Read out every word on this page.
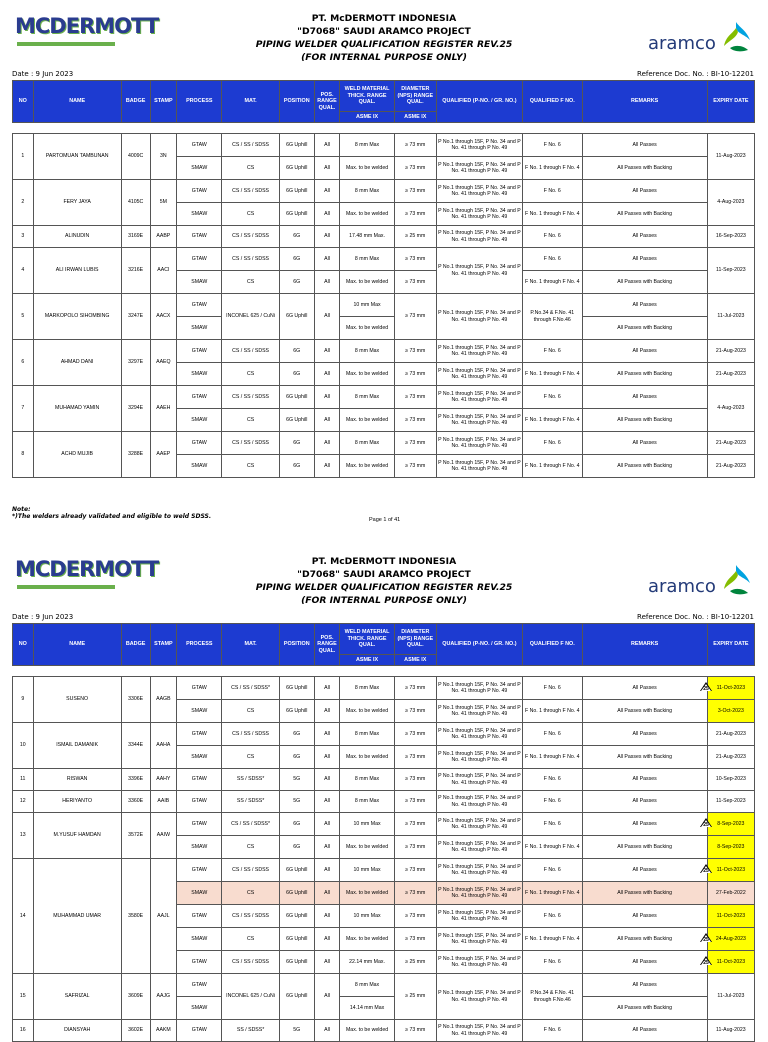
MCDERMOTT	PT. McDERMOTT INDONESIA
"D7068" SAUDI ARAMCO PROJECT
PIPING WELDER QUALIFICATION REGISTER REV.25
(FOR INTERNAL PURPOSE ONLY)
aramco
Date : 9 Jun 2023	Reference Doc. No. : BI-10-12201
NO	NAME	BADGE	STAMP	PROCESS	MAT.	POSITION	POS. RANGE QUAL.	WELD MATERIAL THICK. RANGE QUAL.	DIAMETER (NPS) RANGE QUAL.	QUALIFIED (P-NO. / GR. NO.)	QUALIFIED F NO.	REMARKS	EXPIRY DATE
								ASME IX	ASME IX				

1	PARTOMUAN TAMBUNAN	4009C	3N	GTAW	CS / SS / SDSS	6G Uphill	All	8 mm Max	≥ 73 mm	P No.1 through 15F, P No. 34 and P No. 41 through P No. 49	F No. 6	All Passes	11-Aug-2023
				SMAW	CS	6G Uphill	All	Max. to be welded	≥ 73 mm	P No.1 through 15F, P No. 34 and P No. 41 through P No. 49	F No. 1 through F No. 4	All Passes with Backing	
2	FERY JAYA	4105C	5M	GTAW	CS / SS / SDSS	6G Uphill	All	8 mm Max	≥ 73 mm	P No.1 through 15F, P No. 34 and P No. 41 through P No. 49	F No. 6	All Passes	4-Aug-2023
				SMAW	CS	6G Uphill	All	Max. to be welded	≥ 73 mm	P No.1 through 15F, P No. 34 and P No. 41 through P No. 49	F No. 1 through F No. 4	All Passes with Backing	
3	ALINUDIN	3169E	AABP	GTAW	CS / SS / SDSS	6G	All	17.48 mm Max.	≥ 25 mm	P No.1 through 15F, P No. 34 and P No. 41 through P No. 49	F No. 6	All Passes	16-Sep-2023
4	ALI IRWAN LUBIS	3216E	AACI	GTAW	CS / SS / SDSS	6G	All	8 mm Max	≥ 73 mm	P No.1 through 15F, P No. 34 and P No. 41 through P No. 49	F No. 6	All Passes	11-Sep-2023
				SMAW	CS	6G	All	Max. to be welded	≥ 73 mm		F No. 1 through F No. 4	All Passes with Backing	
5	MARKOPOLO SIHOMBING	3247E	AACX	GTAW	INCONEL 625 / CuNi	6G Uphill	All	10 mm Max	≥ 73 mm	P No.1 through 15F, P No. 34 and P No. 41 through P No. 49	P.No.34 & F.No. 41 through F.No.46	All Passes	11-Jul-2023
				SMAW				Max. to be welded				All Passes with Backing	
6	AHMAD DANI	3297E	AAEQ	GTAW	CS / SS / SDSS	6G	All	8 mm Max	≥ 73 mm	P No.1 through 15F, P No. 34 and P No. 41 through P No. 49	F No. 6	All Passes	21-Aug-2023
				SMAW	CS	6G	All	Max. to be welded	≥ 73 mm	P No.1 through 15F, P No. 34 and P No. 41 through P No. 49	F No. 1 through F No. 4	All Passes with Backing	21-Aug-2023
7	MUHAMAD YAMIN	3294E	AAEH	GTAW	CS / SS / SDSS	6G Uphill	All	8 mm Max	≥ 73 mm	P No.1 through 15F, P No. 34 and P No. 41 through P No. 49	F No. 6	All Passes	4-Aug-2023
				SMAW	CS	6G Uphill	All	Max. to be welded	≥ 73 mm	P No.1 through 15F, P No. 34 and P No. 41 through P No. 49	F No. 1 through F No. 4	All Passes with Backing	
8	ACHD MUJIB	3288E	AAEP	GTAW	CS / SS / SDSS	6G	All	8 mm Max	≥ 73 mm	P No.1 through 15F, P No. 34 and P No. 41 through P No. 49	F No. 6	All Passes	21-Aug-2023
				SMAW	CS	6G	All	Max. to be welded	≥ 73 mm	P No.1 through 15F, P No. 34 and P No. 41 through P No. 49	F No. 1 through F No. 4	All Passes with Backing	21-Aug-2023
Note:
*)The welders already validated and eligible to weld SDSS.	Page 1 of 41
MCDERMOTT	PT. McDERMOTT INDONESIA
"D7068" SAUDI ARAMCO PROJECT
PIPING WELDER QUALIFICATION REGISTER REV.25
(FOR INTERNAL PURPOSE ONLY)
aramco
Date : 9 Jun 2023	Reference Doc. No. : BI-10-12201
NO	NAME	BADGE	STAMP	PROCESS	MAT.	POSITION	POS. RANGE QUAL.	WELD MATERIAL THICK. RANGE QUAL.	DIAMETER (NPS) RANGE QUAL.	QUALIFIED (P-NO. / GR. NO.)	QUALIFIED F NO.	REMARKS	EXPIRY DATE
								ASME IX	ASME IX				

9	SUSENO	3306E	AAGB	GTAW	CS / SS / SDSS*	6G Uphill	All	8 mm Max	≥ 73 mm	P No.1 through 15F, P No. 34 and P No. 41 through P No. 49	F No. 6	All Passes	11-Oct-2023
25

				SMAW	CS	6G Uphill	All	Max. to be welded	≥ 73 mm	P No.1 through 15F, P No. 34 and P No. 41 through P No. 49	F No. 1 through F No. 4	All Passes with Backing	3-Oct-2023
10	ISMAIL DAMANIK	3344E	AAHA	GTAW	CS / SS / SDSS	6G	All	8 mm Max	≥ 73 mm	P No.1 through 15F, P No. 34 and P No. 41 through P No. 49	F No. 6	All Passes	21-Aug-2023
				SMAW	CS	6G	All	Max. to be welded	≥ 73 mm	P No.1 through 15F, P No. 34 and P No. 41 through P No. 49	F No. 1 through F No. 4	All Passes with Backing	21-Aug-2023
11	RISWAN	3396E	AAHY	GTAW	SS / SDSS*	5G	All	8 mm Max	≥ 73 mm	P No.1 through 15F, P No. 34 and P No. 41 through P No. 49	F No. 6	All Passes	10-Sep-2023
12	HERIYANTO	3360E	AAIB	GTAW	SS / SDSS*	5G	All	8 mm Max	≥ 73 mm	P No.1 through 15F, P No. 34 and P No. 41 through P No. 49	F No. 6	All Passes	11-Sep-2023
13	M.YUSUF HAMDAN	3572E	AAIW	GTAW	CS / SS / SDSS*	6G	All	10 mm Max	≥ 73 mm	P No.1 through 15F, P No. 34 and P No. 41 through P No. 49	F No. 6	All Passes	8-Sep-2023
25

				SMAW	CS	6G	All	Max. to be welded	≥ 73 mm	P No.1 through 15F, P No. 34 and P No. 41 through P No. 49	F No. 1 through F No. 4	All Passes with Backing	8-Sep-2023
14	MUHAMMAD UMAR	3580E	AAJL	GTAW	CS / SS / SDSS	6G Uphill	All	10 mm Max	≥ 73 mm	P No.1 through 15F, P No. 34 and P No. 41 through P No. 49	F No. 6	All Passes	11-Oct-2023
25

				SMAW	CS	6G Uphill	All	Max. to be welded	≥ 73 mm	P No.1 through 15F, P No. 34 and P No. 41 through P No. 49	F No. 1 through F No. 4	All Passes with Backing	27-Feb-2022
				GTAW	CS / SS / SDSS	6G Uphill	All	10 mm Max	≥ 73 mm	P No.1 through 15F, P No. 34 and P No. 41 through P No. 49	F No. 6	All Passes	11-Oct-2023
				SMAW	CS	6G Uphill	All	Max. to be welded	≥ 73 mm	P No.1 through 15F, P No. 34 and P No. 41 through P No. 49	F No. 1 through F No. 4	All Passes with Backing	24-Aug-2023
25

				GTAW	CS / SS / SDSS	6G Uphill	All	22.14 mm Max.	≥ 25 mm	P No.1 through 15F, P No. 34 and P No. 41 through P No. 49	F No. 6	All Passes	11-Oct-2023
25

15	SAFRIZAL	3609E	AAJG	GTAW	INCONEL 625 / CuNi	6G Uphill	All	8 mm Max	≥ 25 mm	P No.1 through 15F, P No. 34 and P No. 41 through P No. 49	P.No.34 & F.No. 41 through F.No.46	All Passes	11-Jul-2023
				SMAW				14.14 mm Max				All Passes with Backing	
16	DIANSYAH	3602E	AAKM	GTAW	SS / SDSS*	5G	All	Max. to be welded	≥ 73 mm	P No.1 through 15F, P No. 34 and P No. 41 through P No. 49	F No. 6	All Passes	11-Aug-2023
